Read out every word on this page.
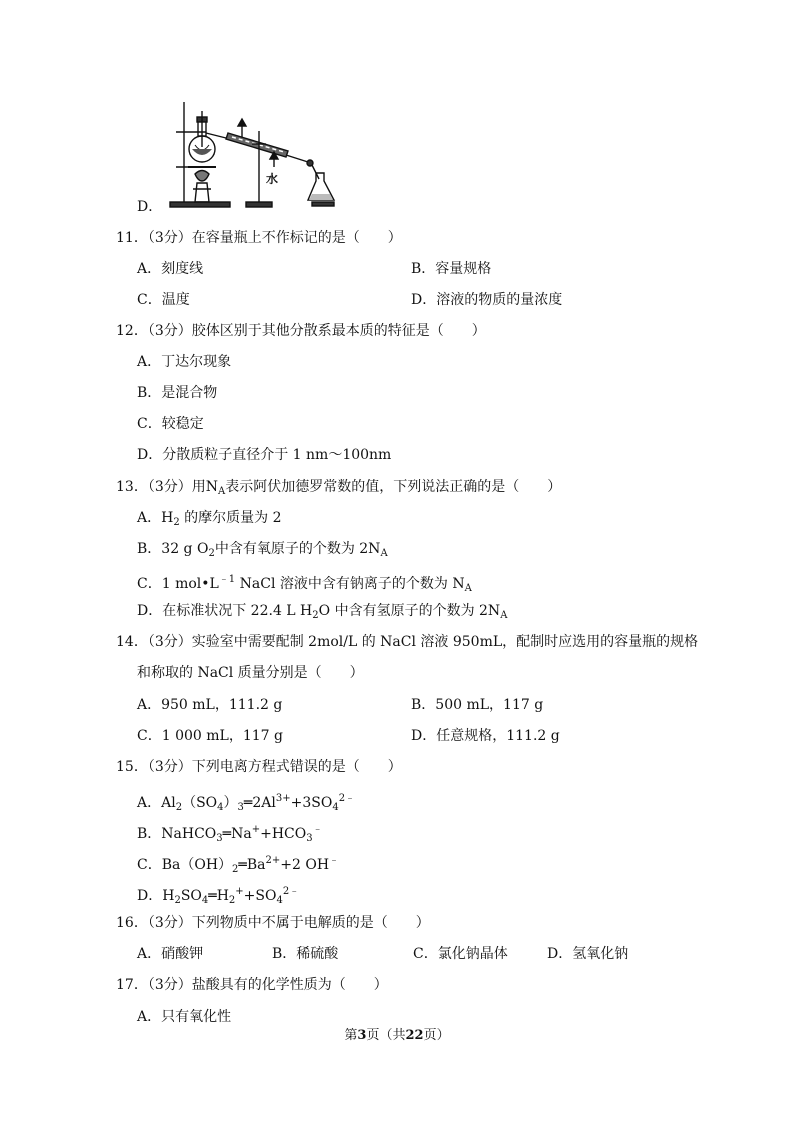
D．
水
11．（3分）在容量瓶上不作标记的是（　　）
A．刻度线	B．容量规格
C．温度	D．溶液的物质的量浓度
12．（3分）胶体区别于其他分散系最本质的特征是（　　）
A．丁达尔现象
B．是混合物
C．较稳定
D．分散质粒子直径介于 1 nm～100nm
13．（3分）用$N_A$表示阿伏加德罗常数的值，下列说法正确的是（　　）
A．$H_2$ 的摩尔质量为 2
B．32 g $O_2$中含有氧原子的个数为 $2N_A$
C．1 $mol•L^{﹣1}$ NaCl 溶液中含有钠离子的个数为 $N_A$
D．在标准状况下 22.4 L $H_2O$ 中含有氢原子的个数为 $2N_A$
14．（3分）实验室中需要配制 2mol/L 的 NaCl 溶液 950mL，配制时应选用的容量瓶的规格
和称取的 NaCl 质量分别是（　　）
A．950 mL，111.2 g	B．500 mL，117 g
C．1 000 mL，117 g	D．任意规格，111.2 g
15．（3分）下列电离方程式错误的是（　　）
A．$Al_2(SO_4)_3═2Al^{3+}+3SO_4^{2﹣}$
B．$NaHCO_3═Na^++HCO_3^﹣$
C．$Ba(OH)_2═Ba^{2+}+2$ OH﹣
D．$H_2SO_4═H_2^++SO_4^{2﹣}$
16．（3分）下列物质中不属于电解质的是（　　）
A．硝酸钾	B．稀硫酸	C．氯化钠晶体	D．氢氧化钠
17．（3分）盐酸具有的化学性质为（　　）
A．只有氧化性
第3页（共22页）
